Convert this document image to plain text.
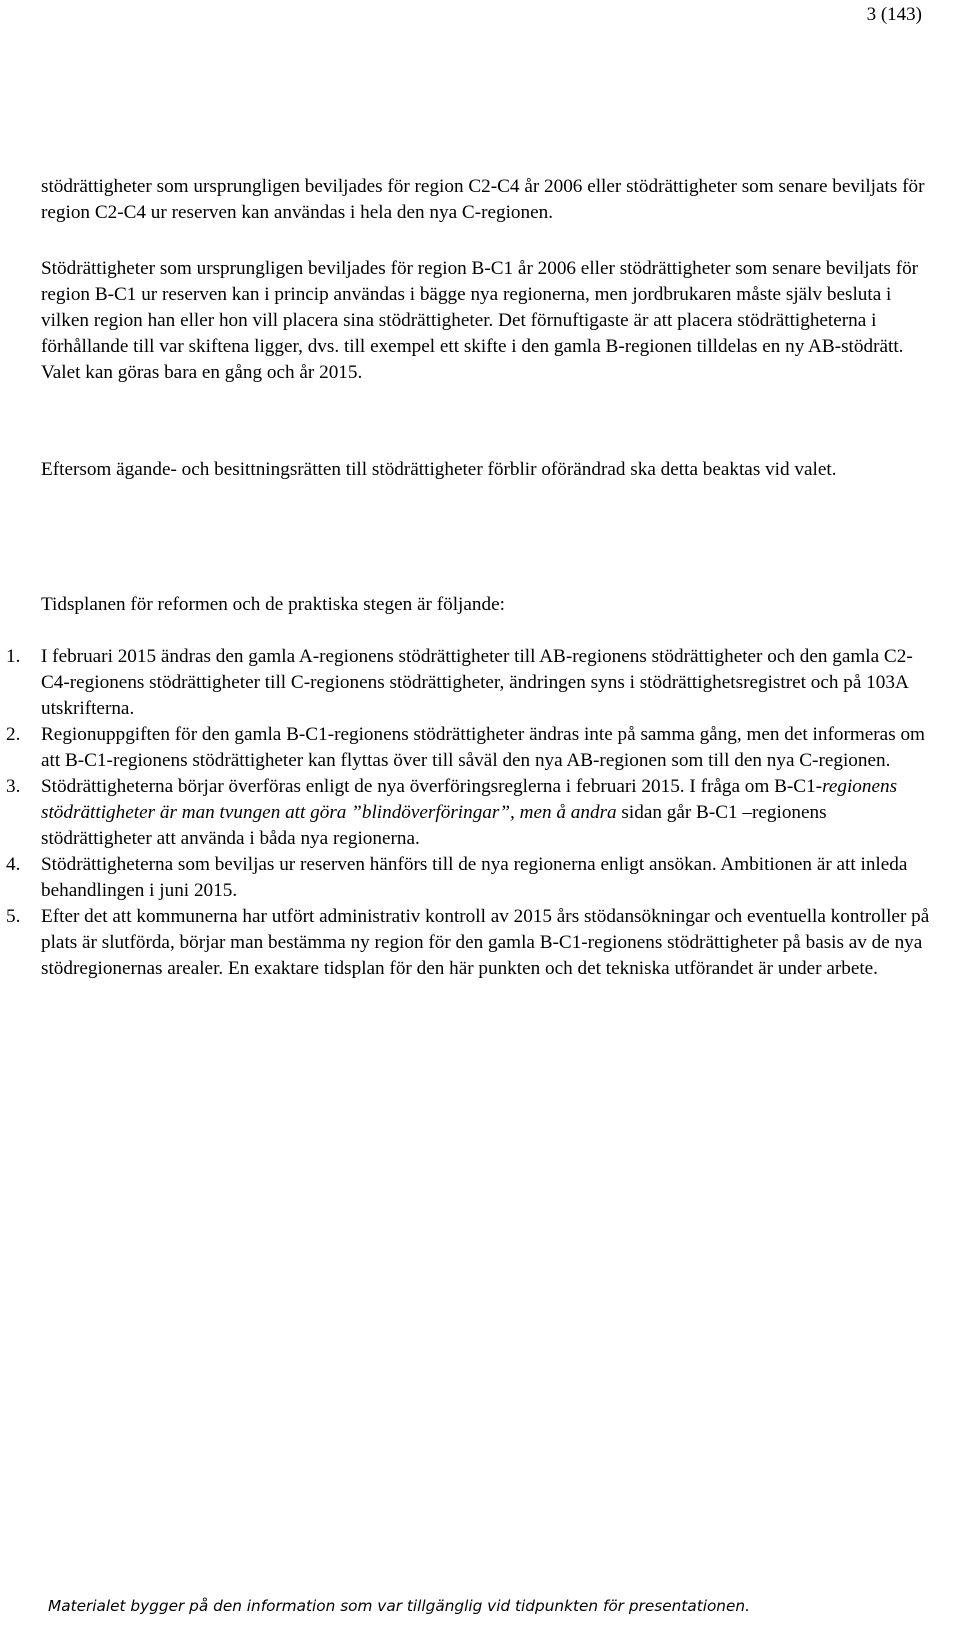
3 (143)

stödrättigheter som ursprungligen beviljades för region C2-C4 år 2006 eller stödrättigheter som senare beviljats för region C2-C4 ur reserven kan användas i hela den nya C-regionen.

Stödrättigheter som ursprungligen beviljades för region B-C1 år 2006 eller stödrättigheter som senare beviljats för region B-C1 ur reserven kan i princip användas i bägge nya regionerna, men jordbrukaren måste själv besluta i vilken region han eller hon vill placera sina stödrättigheter. Det förnuftigaste är att placera stödrättigheterna i förhållande till var skiftena ligger, dvs. till exempel ett skifte i den gamla B-regionen tilldelas en ny AB-stödrätt. Valet kan göras bara en gång och år 2015.

Eftersom ägande- och besittningsrätten till stödrättigheter förblir oförändrad ska detta beaktas vid valet.

Tidsplanen för reformen och de praktiska stegen är följande:

1. I februari 2015 ändras den gamla A-regionens stödrättigheter till AB-regionens stödrättigheter och den gamla C2-C4-regionens stödrättigheter till C-regionens stödrättigheter, ändringen syns i stödrättighetsregistret och på 103A utskrifterna.
2. Regionuppgiften för den gamla B-C1-regionens stödrättigheter ändras inte på samma gång, men det informeras om att B-C1-regionens stödrättigheter kan flyttas över till såväl den nya AB-regionen som till den nya C-regionen.
3. Stödrättigheterna börjar överföras enligt de nya överföringsreglerna i februari 2015. I fråga om B-C1-regionens stödrättigheter är man tvungen att göra ”blindöverföringar”, men å andra sidan går B-C1 –regionens stödrättigheter att använda i båda nya regionerna.
4. Stödrättigheterna som beviljas ur reserven hänförs till de nya regionerna enligt ansökan. Ambitionen är att inleda behandlingen i juni 2015.
5. Efter det att kommunerna har utfört administrativ kontroll av 2015 års stödansökningar och eventuella kontroller på plats är slutförda, börjar man bestämma ny region för den gamla B-C1-regionens stödrättigheter på basis av de nya stödregionernas arealer. En exaktare tidsplan för den här punkten och det tekniska utförandet är under arbete.
Materialet bygger på den information som var tillgänglig vid tidpunkten för presentationen.
